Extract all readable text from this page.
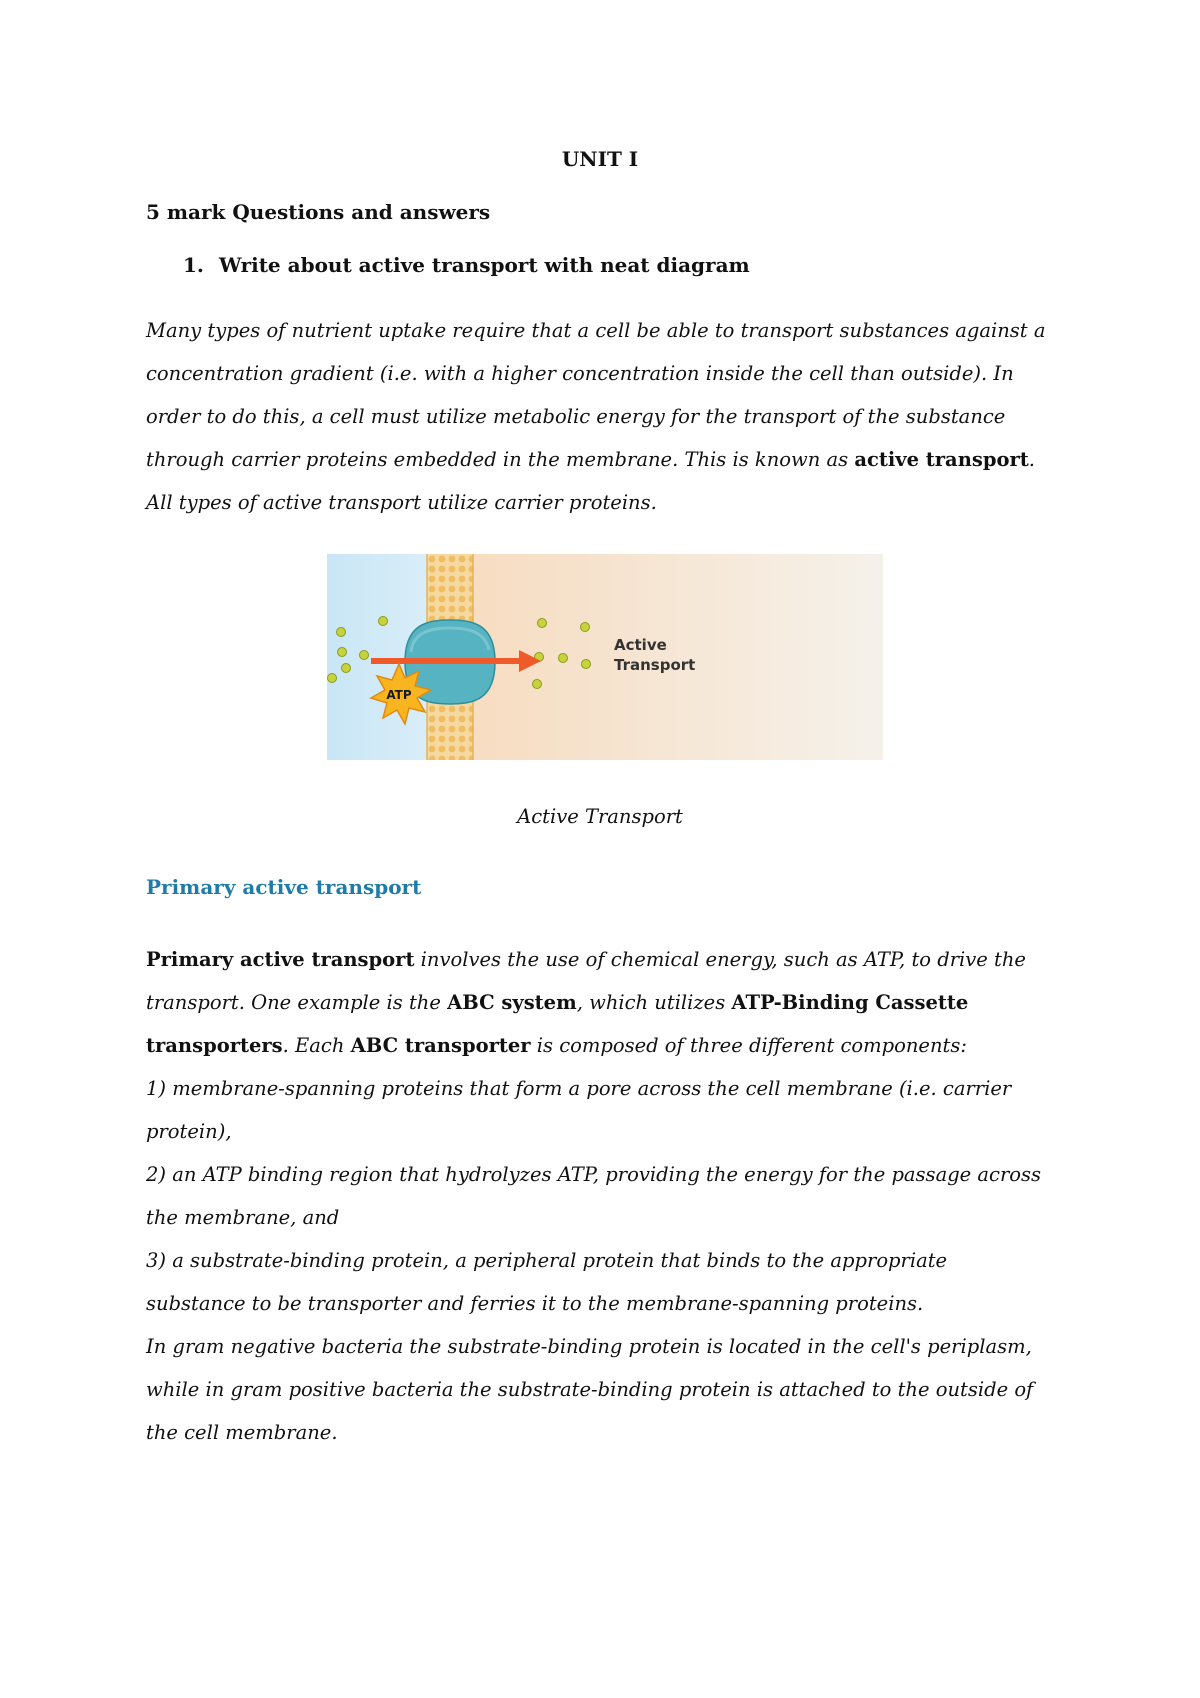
UNIT I
5 mark Questions and answers
1. Write about active transport with neat diagram
Many types of nutrient uptake require that a cell be able to transport substances against a
concentration gradient (i.e. with a higher concentration inside the cell than outside). In
order to do this, a cell must utilize metabolic energy for the transport of the substance
through carrier proteins embedded in the membrane. This is known as active transport.
All types of active transport utilize carrier proteins.
ATP
Active
Transport
Active Transport
Primary active transport
Primary active transport involves the use of chemical energy, such as ATP, to drive the
transport. One example is the ABC system, which utilizes ATP-Binding Cassette
transporters. Each ABC transporter is composed of three different components:
1) membrane-spanning proteins that form a pore across the cell membrane (i.e. carrier
protein),
2) an ATP binding region that hydrolyzes ATP, providing the energy for the passage across
the membrane, and
3) a substrate-binding protein, a peripheral protein that binds to the appropriate
substance to be transporter and ferries it to the membrane-spanning proteins.
In gram negative bacteria the substrate-binding protein is located in the cell's periplasm,
while in gram positive bacteria the substrate-binding protein is attached to the outside of
the cell membrane.
